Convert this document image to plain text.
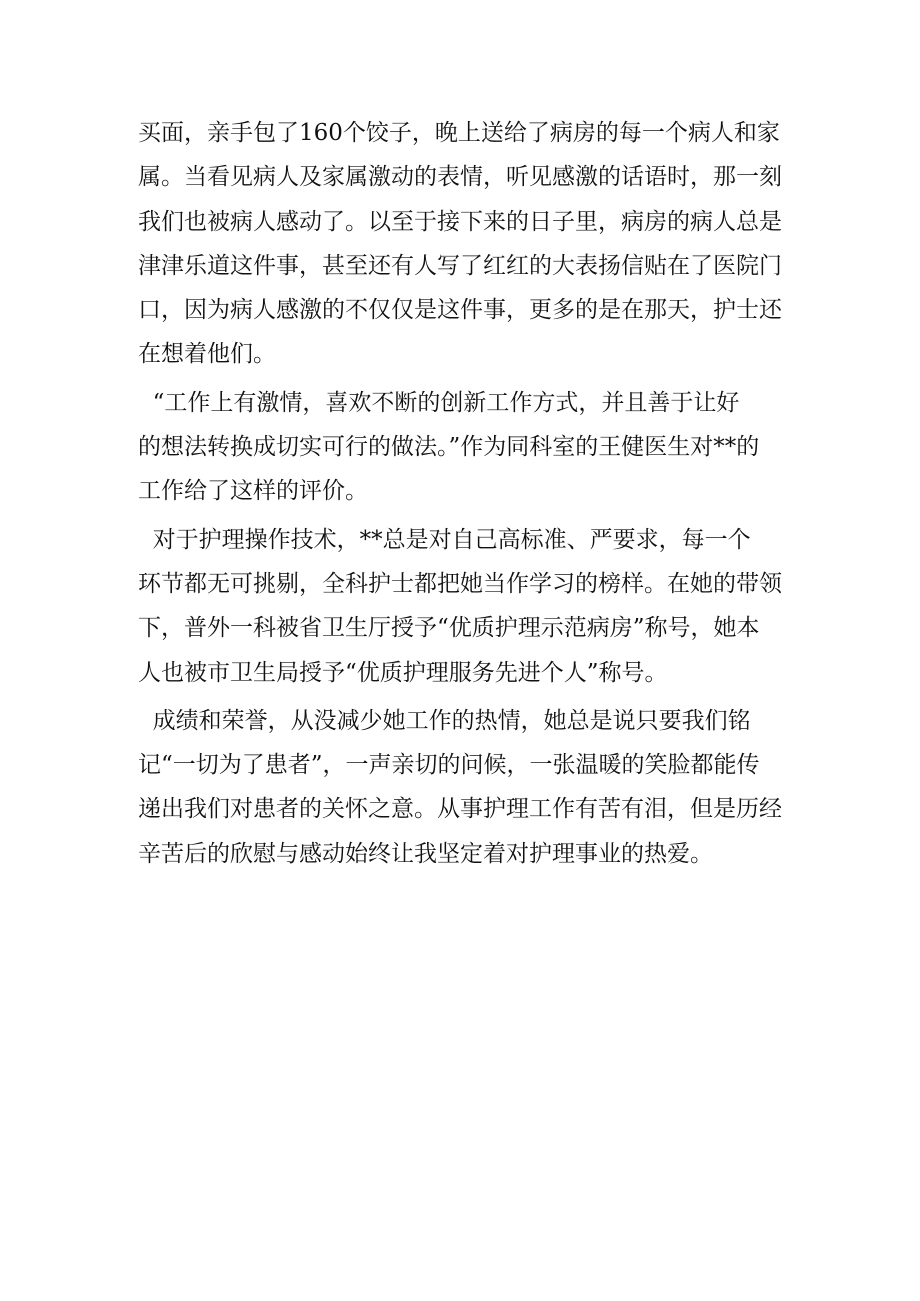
买面，亲手包了160个饺子，晚上送给了病房的每一个病人和家
属。当看见病人及家属激动的表情，听见感激的话语时，那一刻
我们也被病人感动了。以至于接下来的日子里，病房的病人总是
津津乐道这件事，甚至还有人写了红红的大表扬信贴在了医院门
口，因为病人感激的不仅仅是这件事，更多的是在那天，护士还
在想着他们。
“工作上有激情，喜欢不断的创新工作方式，并且善于让好
的想法转换成切实可行的做法。”作为同科室的王健医生对**的
工作给了这样的评价。
对于护理操作技术，**总是对自己高标准、严要求，每一个
环节都无可挑剔，全科护士都把她当作学习的榜样。在她的带领
下，普外一科被省卫生厅授予“优质护理示范病房”称号，她本
人也被市卫生局授予“优质护理服务先进个人”称号。
成绩和荣誉，从没减少她工作的热情，她总是说只要我们铭
记“一切为了患者”，一声亲切的问候，一张温暖的笑脸都能传
递出我们对患者的关怀之意。从事护理工作有苦有泪，但是历经
辛苦后的欣慰与感动始终让我坚定着对护理事业的热爱。
